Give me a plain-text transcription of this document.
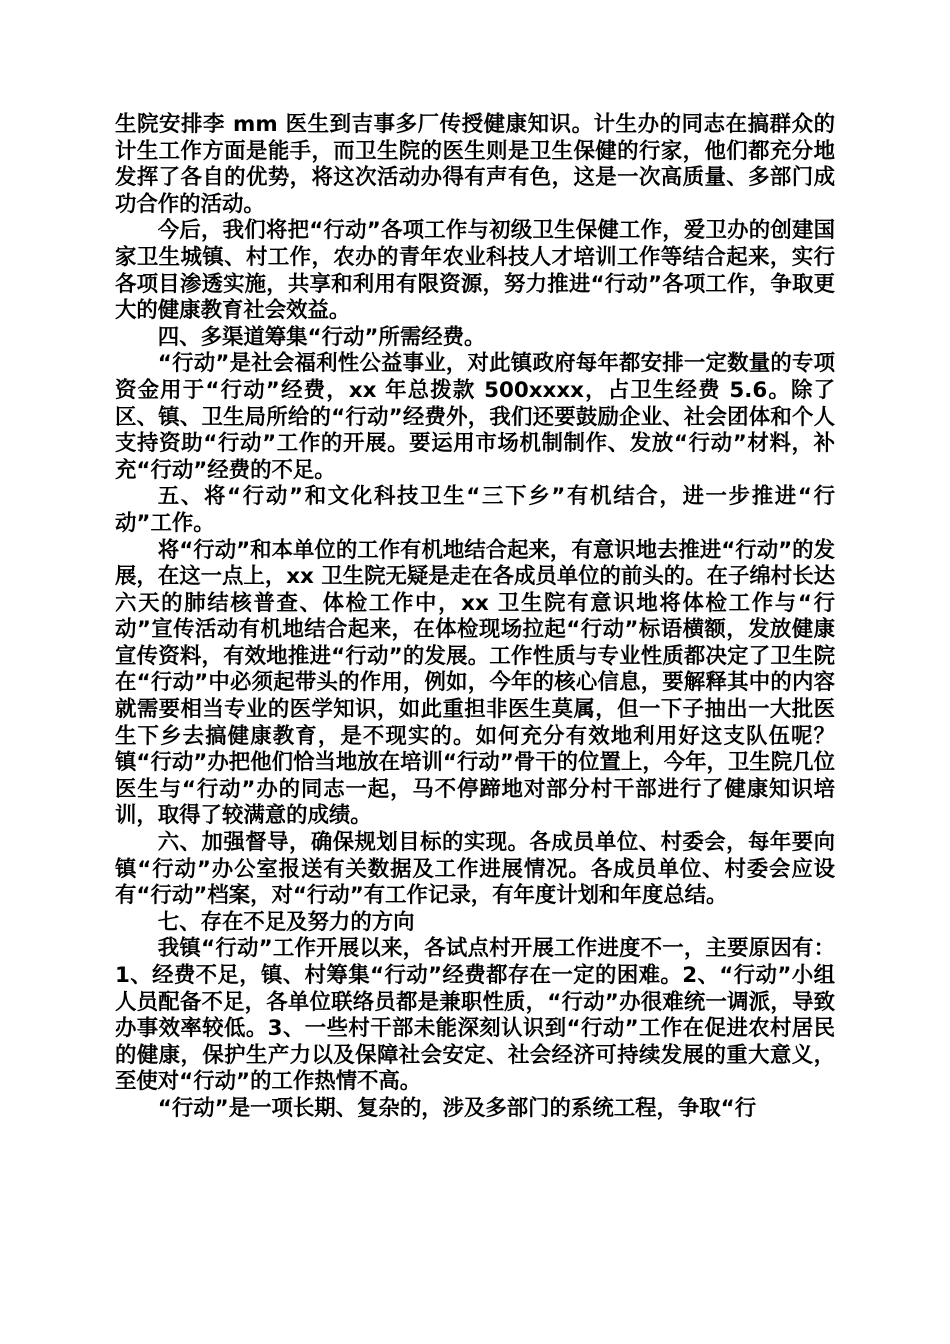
生院安排李 mm 医生到吉事多厂传授健康知识。计生办的同志在搞群众的计生工作方面是能手，而卫生院的医生则是卫生保健的行家，他们都充分地发挥了各自的优势，将这次活动办得有声有色，这是一次高质量、多部门成功合作的活动。

今后，我们将把“行动”各项工作与初级卫生保健工作，爱卫办的创建国家卫生城镇、村工作，农办的青年农业科技人才培训工作等结合起来，实行各项目渗透实施，共享和利用有限资源，努力推进“行动”各项工作，争取更大的健康教育社会效益。

四、多渠道筹集“行动”所需经费。

“行动”是社会福利性公益事业，对此镇政府每年都安排一定数量的专项资金用于“行动”经费，xx 年总拨款 500xxxx，占卫生经费 5.6。除了区、镇、卫生局所给的“行动”经费外，我们还要鼓励企业、社会团体和个人支持资助“行动”工作的开展。要运用市场机制制作、发放“行动”材料，补充“行动”经费的不足。

五、将“行动”和文化科技卫生“三下乡”有机结合，进一步推进“行动”工作。

将“行动”和本单位的工作有机地结合起来，有意识地去推进“行动”的发展，在这一点上，xx 卫生院无疑是走在各成员单位的前头的。在子绵村长达六天的肺结核普查、体检工作中，xx 卫生院有意识地将体检工作与“行动”宣传活动有机地结合起来，在体检现场拉起“行动”标语横额，发放健康宣传资料，有效地推进“行动”的发展。工作性质与专业性质都决定了卫生院在“行动”中必须起带头的作用，例如，今年的核心信息，要解释其中的内容就需要相当专业的医学知识，如此重担非医生莫属，但一下子抽出一大批医生下乡去搞健康教育，是不现实的。如何充分有效地利用好这支队伍呢？镇“行动”办把他们恰当地放在培训“行动”骨干的位置上，今年，卫生院几位医生与“行动”办的同志一起，马不停蹄地对部分村干部进行了健康知识培训，取得了较满意的成绩。

六、加强督导，确保规划目标的实现。各成员单位、村委会，每年要向镇“行动”办公室报送有关数据及工作进展情况。各成员单位、村委会应设有“行动”档案，对“行动”有工作记录，有年度计划和年度总结。

七、存在不足及努力的方向

我镇“行动”工作开展以来，各试点村开展工作进度不一，主要原因有：1、经费不足，镇、村筹集“行动”经费都存在一定的困难。2、“行动”小组人员配备不足，各单位联络员都是兼职性质，“行动”办很难统一调派，导致办事效率较低。3、一些村干部未能深刻认识到“行动”工作在促进农村居民的健康，保护生产力以及保障社会安定、社会经济可持续发展的重大意义，至使对“行动”的工作热情不高。

“行动”是一项长期、复杂的，涉及多部门的系统工程，争取“行
